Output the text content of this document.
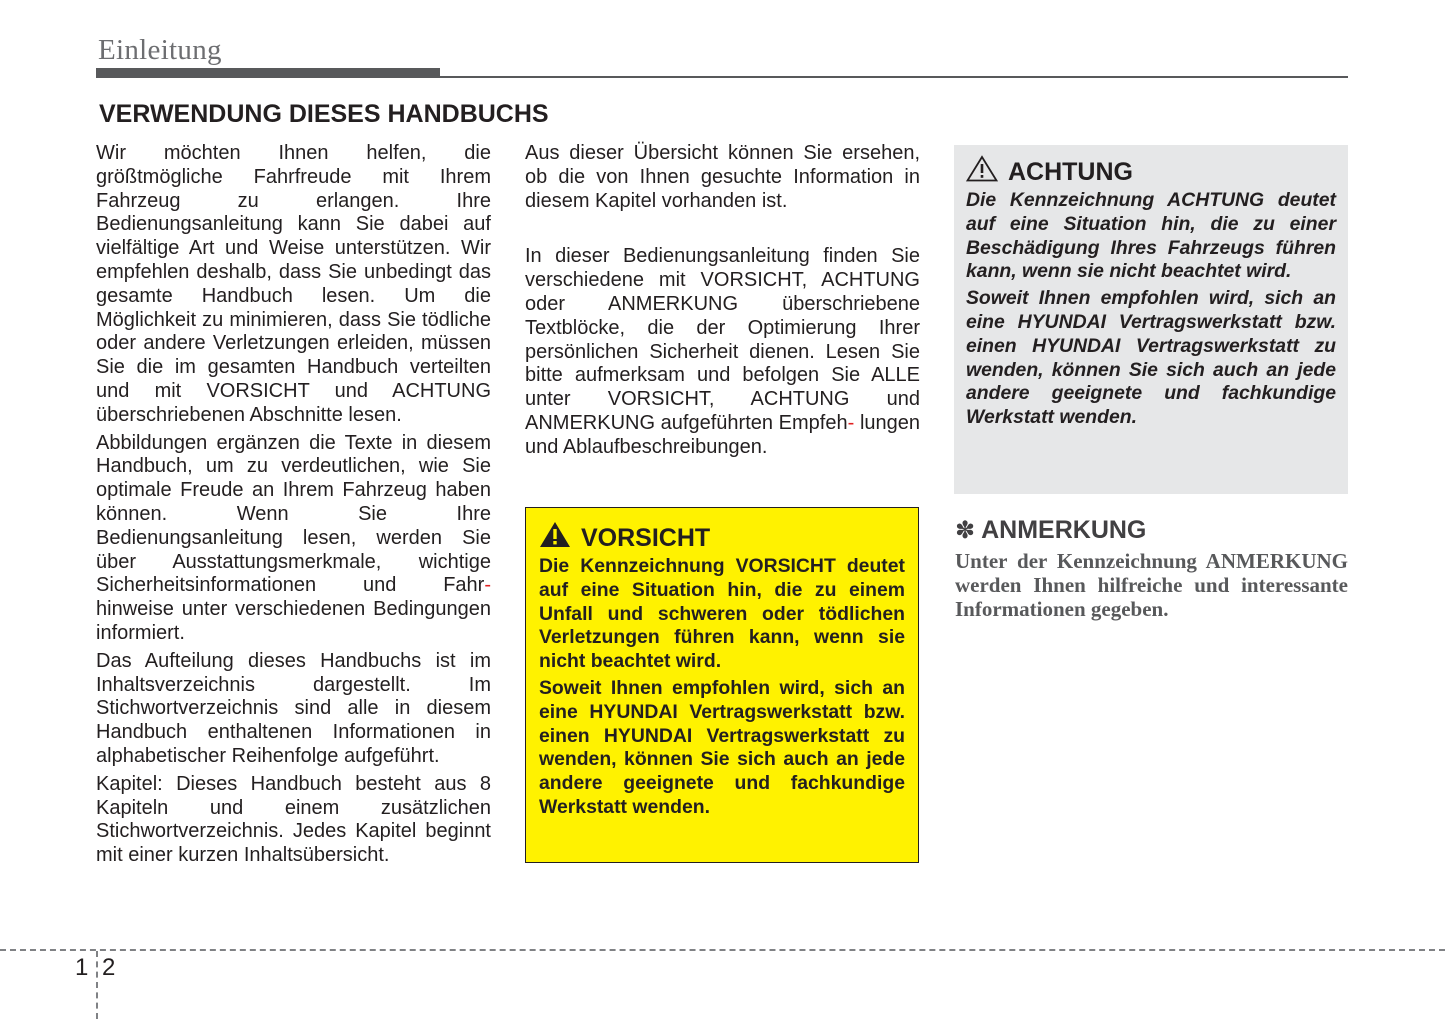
Einleitung
VERWENDUNG DIESES HANDBUCHS

Wir möchten Ihnen helfen, die größtmögliche Fahrfreude mit Ihrem Fahrzeug zu erlangen. Ihre Bedienungsanleitung kann Sie dabei auf vielfältige Art und Weise unterstützen. Wir empfehlen deshalb, dass Sie unbedingt das gesamte Handbuch lesen. Um die Möglichkeit zu minimieren, dass Sie tödliche oder andere Verletzungen erleiden, müssen Sie die im gesamten Handbuch verteilten und mit VORSICHT und ACHTUNG überschriebenen Abschnitte lesen.

Abbildungen ergänzen die Texte in diesem Handbuch, um zu verdeutlichen, wie Sie optimale Freude an Ihrem Fahrzeug haben können. Wenn Sie Ihre Bedienungsanleitung lesen, werden Sie über Ausstattungsmerkmale, wichtige Sicherheitsinformationen und Fahr- hinweise unter verschiedenen Bedingungen informiert.

Das Aufteilung dieses Handbuchs ist im Inhaltsverzeichnis dargestellt. Im Stichwortverzeichnis sind alle in diesem Handbuch enthaltenen Informationen in alphabetischer Reihenfolge aufgeführt.

Kapitel: Dieses Handbuch besteht aus 8 Kapiteln und einem zusätzlichen Stichwortverzeichnis. Jedes Kapitel beginnt mit einer kurzen Inhaltsübersicht.

Aus dieser Übersicht können Sie ersehen, ob die von Ihnen gesuchte Information in diesem Kapitel vorhanden ist.

In dieser Bedienungsanleitung finden Sie verschiedene mit VORSICHT, ACHTUNG oder ANMERKUNG überschriebene Textblöcke, die der Optimierung Ihrer persönlichen Sicherheit dienen. Lesen Sie bitte aufmerksam und befolgen Sie ALLE unter VORSICHT, ACHTUNG und ANMERKUNG aufgeführten Empfeh- lungen und Ablaufbeschreibungen.

VORSICHT

Die Kennzeichnung VORSICHT deutet auf eine Situation hin, die zu einem Unfall und schweren oder tödlichen Verletzungen führen kann, wenn sie nicht beachtet wird.

Soweit Ihnen empfohlen wird, sich an eine HYUNDAI Vertragswerkstatt bzw. einen HYUNDAI Vertragswerkstatt zu wenden, können Sie sich auch an jede andere geeignete und fachkundige Werkstatt wenden.

ACHTUNG

Die Kennzeichnung ACHTUNG deutet auf eine Situation hin, die zu einer Beschädigung Ihres Fahrzeugs führen kann, wenn sie nicht beachtet wird.

Soweit Ihnen empfohlen wird, sich an eine HYUNDAI Vertragswerkstatt bzw. einen HYUNDAI Vertragswerkstatt zu wenden, können Sie sich auch an jede andere geeignete und fachkundige Werkstatt wenden.

✽ ANMERKUNG

Unter der Kennzeichnung ANMERKUNG werden Ihnen hilfreiche und interessante Informationen gegeben.

1 2
